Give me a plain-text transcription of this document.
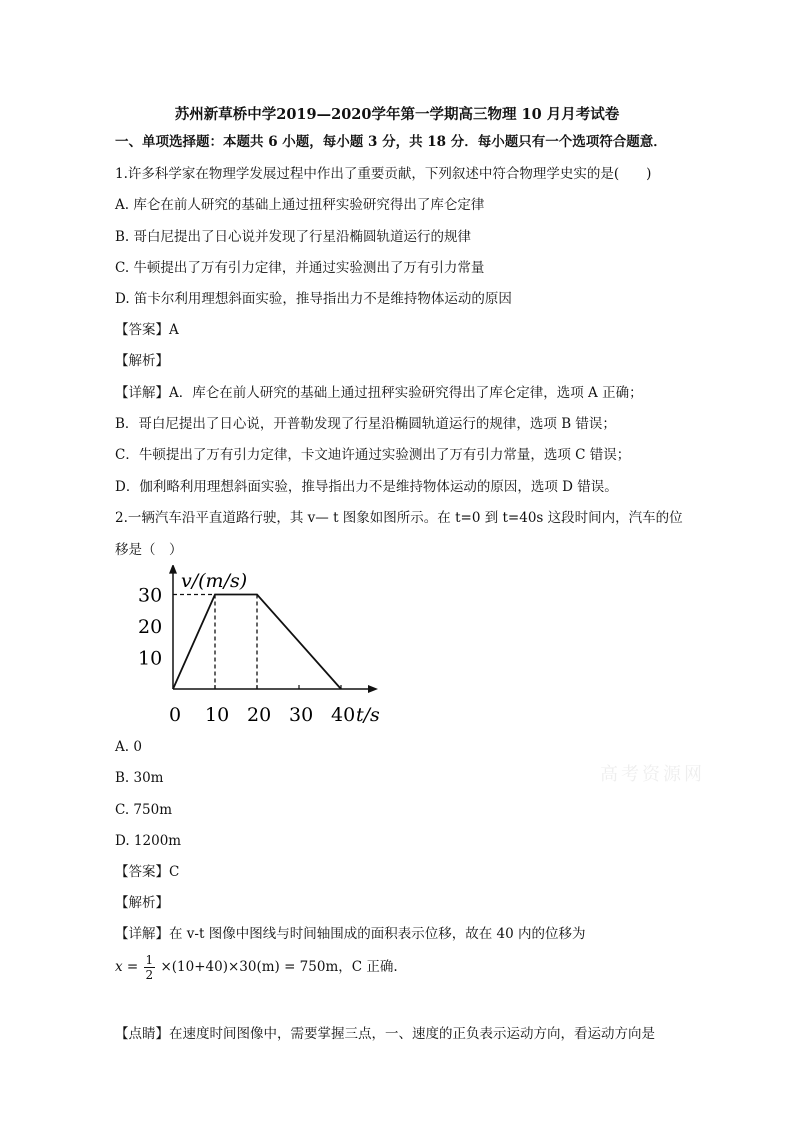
苏州新草桥中学2019—2020学年第一学期高三物理 10 月月考试卷
一、单项选择题：本题共 6 小题，每小题 3 分，共 18 分．每小题只有一个选项符合题意．
1.许多科学家在物理学发展过程中作出了重要贡献，下列叙述中符合物理学史实的是(　　)
A. 库仑在前人研究的基础上通过扭秤实验研究得出了库仑定律
B. 哥白尼提出了日心说并发现了行星沿椭圆轨道运行的规律
C. 牛顿提出了万有引力定律，并通过实验测出了万有引力常量
D. 笛卡尔利用理想斜面实验，推导指出力不是维持物体运动的原因
【答案】A
【解析】
【详解】A．库仑在前人研究的基础上通过扭秤实验研究得出了库仑定律，选项 A 正确；
B．哥白尼提出了日心说，开普勒发现了行星沿椭圆轨道运行的规律，选项 B 错误；
C．牛顿提出了万有引力定律，卡文迪许通过实验测出了万有引力常量，选项 C 错误；
D．伽利略利用理想斜面实验，推导指出力不是维持物体运动的原因，选项 D 错误。
2.一辆汽车沿平直道路行驶，其 v— t 图象如图所示。在 t=0 到 t=40s 这段时间内，汽车的位
移是（　）
v/(m/s)
t/s
0 10 20 30 40
10
20
30
A. 0
B. 30m
C. 750m
D. 1200m
【答案】C
【解析】
【详解】在 v-t 图像中图线与时间轴围成的面积表示位移，故在 40 内的位移为
$x = \frac{1}{2} \times(10+40)\times 30(m) = 750m$，C 正确.
【点睛】在速度时间图像中，需要掌握三点，一、速度的正负表示运动方向，看运动方向是
高考资源网
